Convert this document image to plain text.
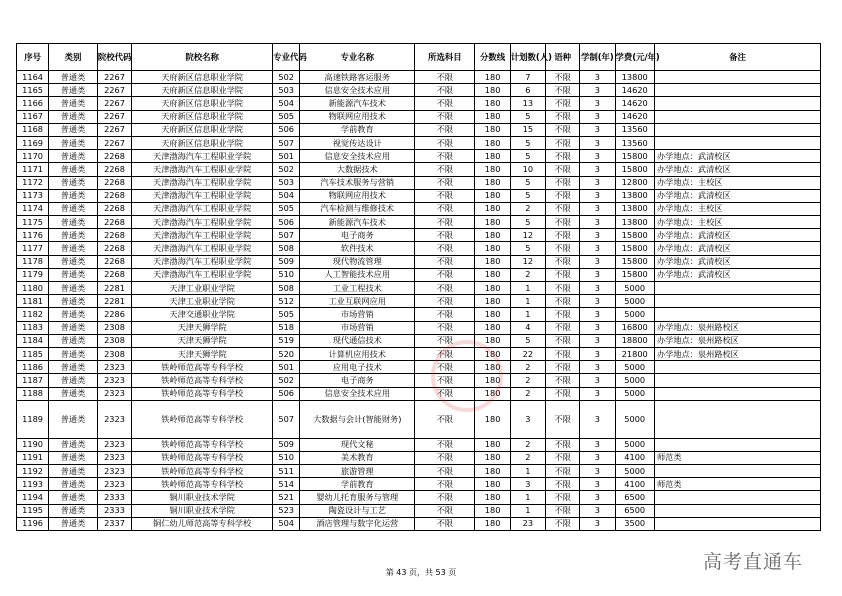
序号	类别	院校代码	院校名称	专业代码	专业名称	所选科目	分数线	计划数(人)	语种	学制(年)	学费(元/年)	备注
1164	普通类	2267	天府新区信息职业学院	502	高速铁路客运服务	不限	180	7	不限	3	13800	
1165	普通类	2267	天府新区信息职业学院	503	信息安全技术应用	不限	180	6	不限	3	14620	
1166	普通类	2267	天府新区信息职业学院	504	新能源汽车技术	不限	180	13	不限	3	14620	
1167	普通类	2267	天府新区信息职业学院	505	物联网应用技术	不限	180	5	不限	3	14620	
1168	普通类	2267	天府新区信息职业学院	506	学前教育	不限	180	15	不限	3	13560	
1169	普通类	2267	天府新区信息职业学院	507	视觉传达设计	不限	180	5	不限	3	13560	
1170	普通类	2268	天津渤海汽车工程职业学院	501	信息安全技术应用	不限	180	5	不限	3	15800	办学地点：武清校区
1171	普通类	2268	天津渤海汽车工程职业学院	502	大数据技术	不限	180	10	不限	3	15800	办学地点：武清校区
1172	普通类	2268	天津渤海汽车工程职业学院	503	汽车技术服务与营销	不限	180	5	不限	3	12800	办学地点：主校区
1173	普通类	2268	天津渤海汽车工程职业学院	504	物联网应用技术	不限	180	5	不限	3	13800	办学地点：武清校区
1174	普通类	2268	天津渤海汽车工程职业学院	505	汽车检测与维修技术	不限	180	2	不限	3	13800	办学地点：主校区
1175	普通类	2268	天津渤海汽车工程职业学院	506	新能源汽车技术	不限	180	5	不限	3	13800	办学地点：主校区
1176	普通类	2268	天津渤海汽车工程职业学院	507	电子商务	不限	180	12	不限	3	15800	办学地点：武清校区
1177	普通类	2268	天津渤海汽车工程职业学院	508	软件技术	不限	180	5	不限	3	15800	办学地点：武清校区
1178	普通类	2268	天津渤海汽车工程职业学院	509	现代物流管理	不限	180	12	不限	3	15800	办学地点：武清校区
1179	普通类	2268	天津渤海汽车工程职业学院	510	人工智能技术应用	不限	180	2	不限	3	15800	办学地点：武清校区
1180	普通类	2281	天津工业职业学院	508	工业工程技术	不限	180	1	不限	3	5000	
1181	普通类	2281	天津工业职业学院	512	工业互联网应用	不限	180	1	不限	3	5000	
1182	普通类	2286	天津交通职业学院	505	市场营销	不限	180	1	不限	3	5000	
1183	普通类	2308	天津天狮学院	518	市场营销	不限	180	4	不限	3	16800	办学地点：泉州路校区
1184	普通类	2308	天津天狮学院	519	现代通信技术	不限	180	5	不限	3	18800	办学地点：泉州路校区
1185	普通类	2308	天津天狮学院	520	计算机应用技术	不限	180	22	不限	3	21800	办学地点：泉州路校区
1186	普通类	2323	铁岭师范高等专科学校	501	应用电子技术	不限	180	2	不限	3	5000	
1187	普通类	2323	铁岭师范高等专科学校	502	电子商务	不限	180	2	不限	3	5000	
1188	普通类	2323	铁岭师范高等专科学校	506	信息安全技术应用	不限	180	2	不限	3	5000	
1189	普通类	2323	铁岭师范高等专科学校	507	大数据与会计(智能财务)	不限	180	3	不限	3	5000	
1190	普通类	2323	铁岭师范高等专科学校	509	现代文秘	不限	180	2	不限	3	5000	
1191	普通类	2323	铁岭师范高等专科学校	510	美术教育	不限	180	2	不限	3	4100	师范类
1192	普通类	2323	铁岭师范高等专科学校	511	旅游管理	不限	180	1	不限	3	5000	
1193	普通类	2323	铁岭师范高等专科学校	514	学前教育	不限	180	3	不限	3	4100	师范类
1194	普通类	2333	铜川职业技术学院	521	婴幼儿托育服务与管理	不限	180	1	不限	3	6500	
1195	普通类	2333	铜川职业技术学院	523	陶瓷设计与工艺	不限	180	1	不限	3	6500	
1196	普通类	2337	铜仁幼儿师范高等专科学校	504	酒店管理与数字化运营	不限	180	23	不限	3	3500	
第 43 页，共 53 页	高考直通车
